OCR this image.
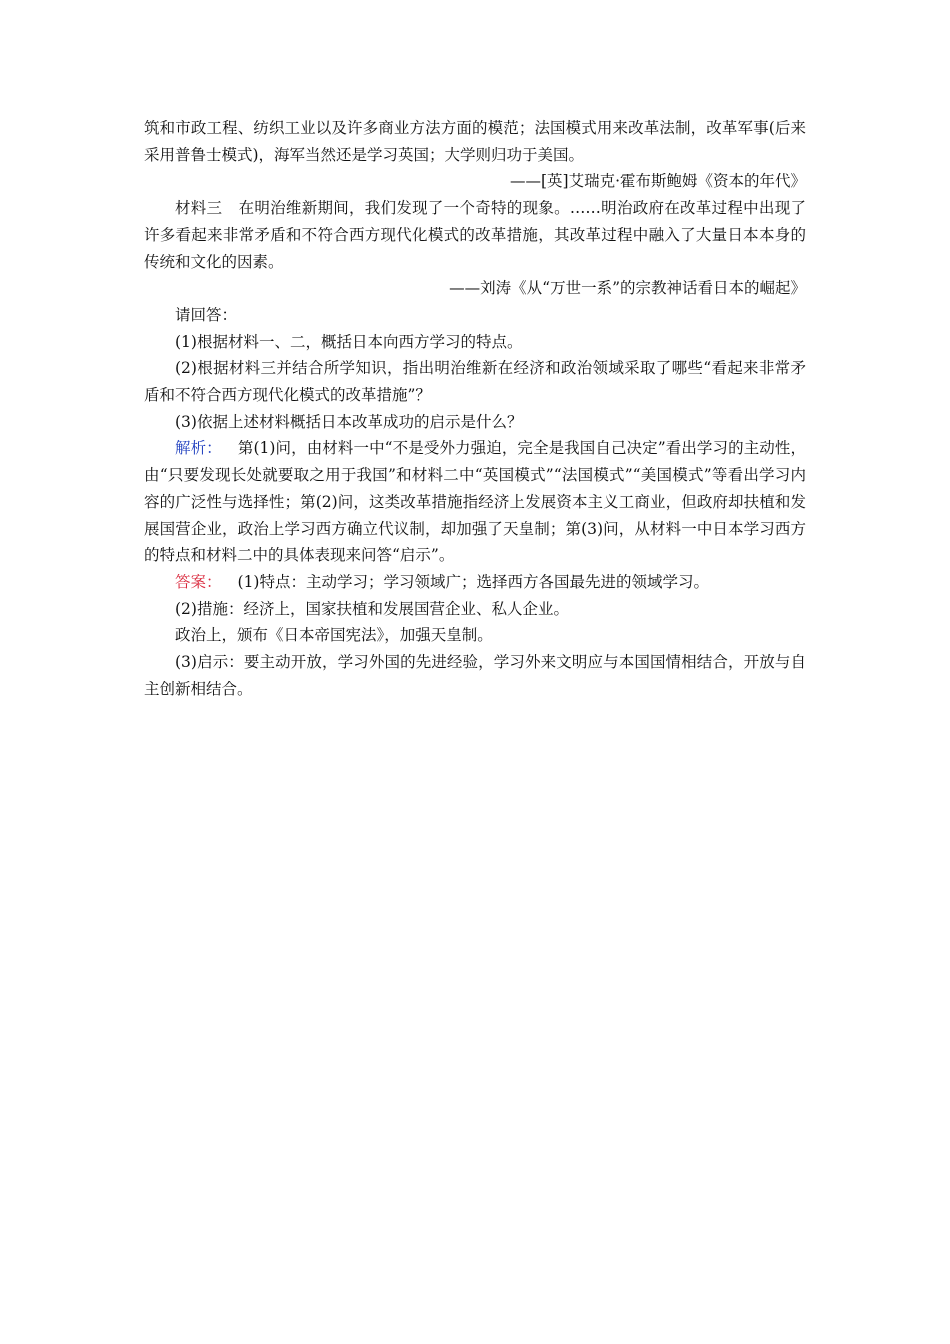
筑和市政工程、纺织工业以及许多商业方法方面的模范；法国模式用来改革法制，改革军事(后来采用普鲁士模式)，海军当然还是学习英国；大学则归功于美国。

——[英]艾瑞克·霍布斯鲍姆《资本的年代》

材料三 在明治维新期间，我们发现了一个奇特的现象。……明治政府在改革过程中出现了许多看起来非常矛盾和不符合西方现代化模式的改革措施，其改革过程中融入了大量日本本身的传统和文化的因素。

——刘涛《从“万世一系”的宗教神话看日本的崛起》

请回答：

(1)根据材料一、二，概括日本向西方学习的特点。

(2)根据材料三并结合所学知识，指出明治维新在经济和政治领域采取了哪些“看起来非常矛盾和不符合西方现代化模式的改革措施”？

(3)依据上述材料概括日本改革成功的启示是什么？

解析： 第(1)问，由材料一中“不是受外力强迫，完全是我国自己决定”看出学习的主动性，由“只要发现长处就要取之用于我国”和材料二中“英国模式”“法国模式”“美国模式”等看出学习内容的广泛性与选择性；第(2)问，这类改革措施指经济上发展资本主义工商业，但政府却扶植和发展国营企业，政治上学习西方确立代议制，却加强了天皇制；第(3)问，从材料一中日本学习西方的特点和材料二中的具体表现来问答“启示”。

答案： (1)特点：主动学习；学习领域广；选择西方各国最先进的领域学习。

(2)措施：经济上，国家扶植和发展国营企业、私人企业。

政治上，颁布《日本帝国宪法》，加强天皇制。

(3)启示：要主动开放，学习外国的先进经验，学习外来文明应与本国国情相结合，开放与自主创新相结合。
